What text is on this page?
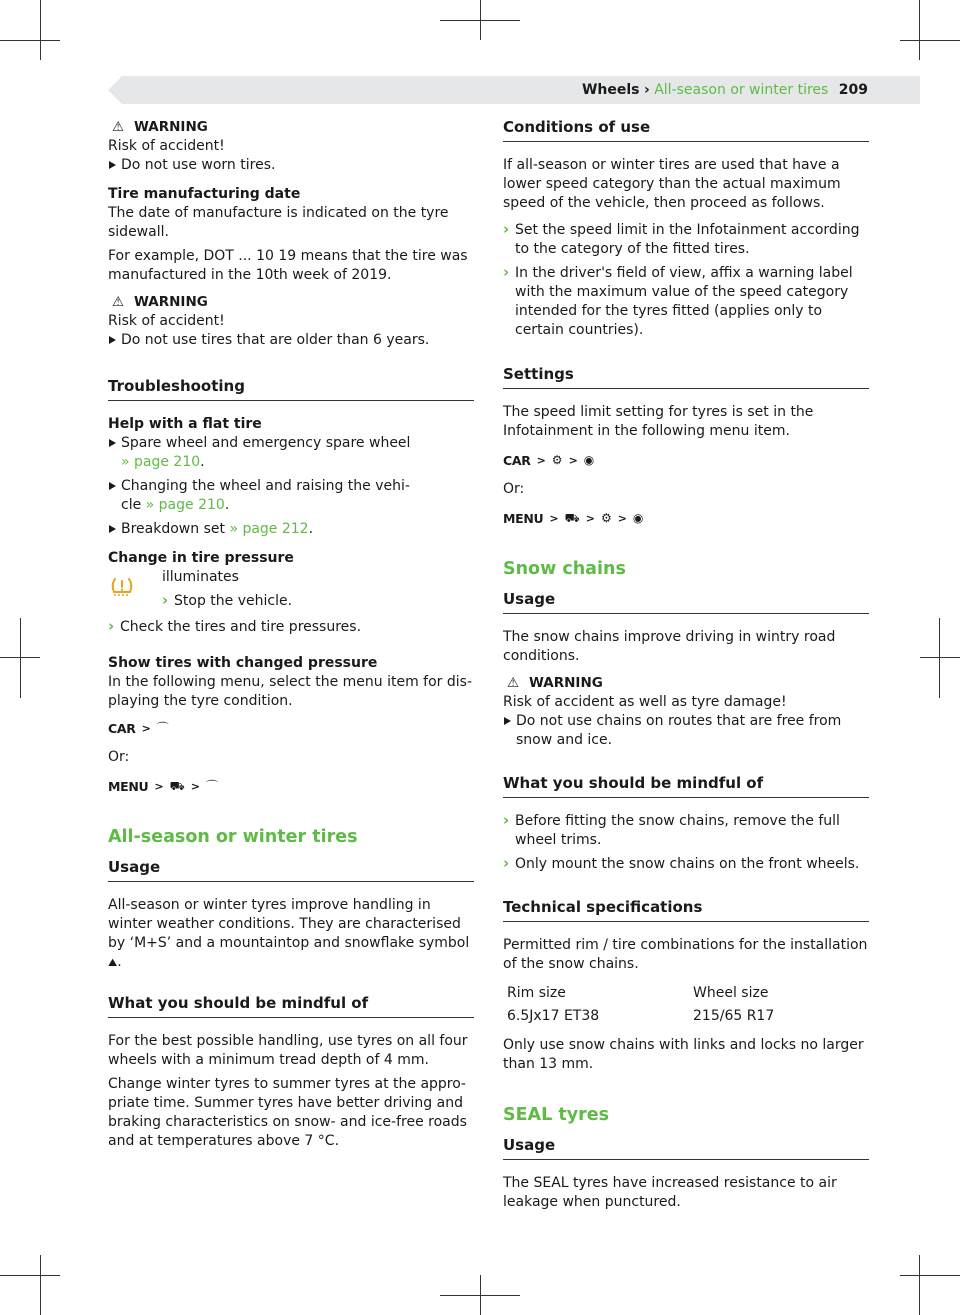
Wheels › All-season or winter tires 209

⚠ WARNING

Risk of accident!

Do not use worn tires.

Tire manufacturing date

The date of manufacture is indicated on the tyre sidewall.

For example, DOT ... 10 19 means that the tire was manufactured in the 10th week of 2019.

⚠ WARNING

Risk of accident!

Do not use tires that are older than 6 years.

Troubleshooting

Help with a flat tire

Spare wheel and emergency spare wheel » page 210.

Changing the wheel and raising the vehicle » page 210.

Breakdown set » page 212.

Change in tire pressure

illuminates

› Stop the vehicle.

› Check the tires and tire pressures.

Show tires with changed pressure

In the following menu, select the menu item for displaying the tyre condition.

CAR > ⌒

Or:

MENU > ⛟ > ⌒

All-season or winter tires

Usage

All-season or winter tyres improve handling in winter weather conditions. They are characterised by ‘M+S’ and a mountaintop and snowflake symbol ⛰.

What you should be mindful of

For the best possible handling, use tyres on all four wheels with a minimum tread depth of 4 mm.

Change winter tyres to summer tyres at the appropriate time. Summer tyres have better driving and braking characteristics on snow- and ice-free roads and at temperatures above 7 °C.

Conditions of use

If all-season or winter tires are used that have a lower speed category than the actual maximum speed of the vehicle, then proceed as follows.

› Set the speed limit in the Infotainment according to the category of the fitted tires.

› In the driver's field of view, affix a warning label with the maximum value of the speed category intended for the tyres fitted (applies only to certain countries).

Settings

The speed limit setting for tyres is set in the Infotainment in the following menu item.

CAR > ⚙ > ◉

Or:

MENU > ⛟ > ⚙ > ◉

Snow chains

Usage

The snow chains improve driving in wintry road conditions.

⚠ WARNING

Risk of accident as well as tyre damage!

Do not use chains on routes that are free from snow and ice.

What you should be mindful of

› Before fitting the snow chains, remove the full wheel trims.

› Only mount the snow chains on the front wheels.

Technical specifications

Permitted rim / tire combinations for the installation of the snow chains.

Rim size	Wheel size
6.5Jx17 ET38	215/65 R17

Only use snow chains with links and locks no larger than 13 mm.

SEAL tyres

Usage

The SEAL tyres have increased resistance to air leakage when punctured.
